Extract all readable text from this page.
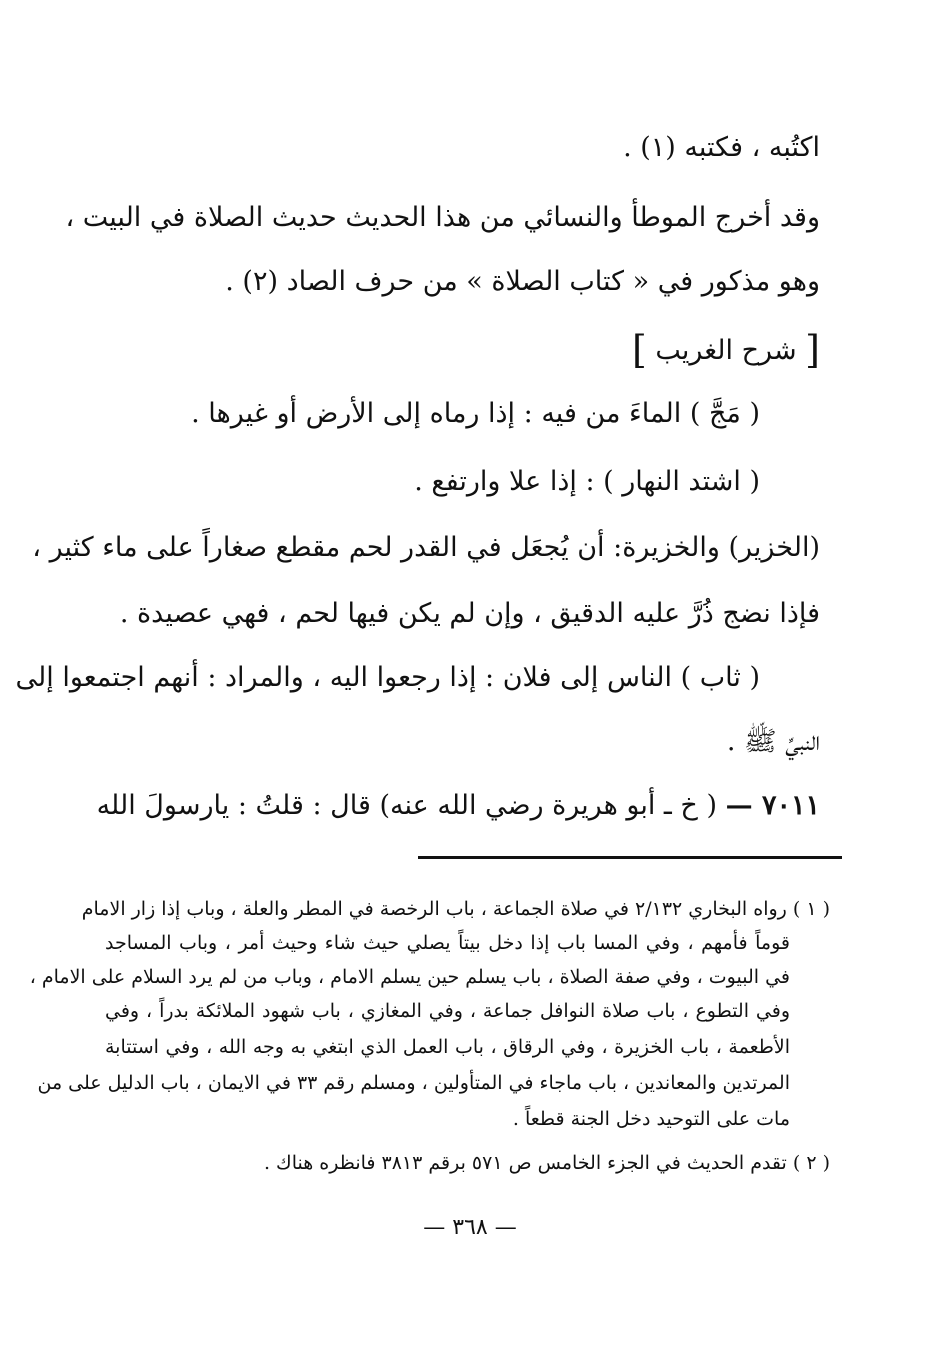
اكتُبه ، فكتبه (١) .
وقد أخرج الموطأ والنسائي من هذا الحديث حديث الصلاة في البيت ،
وهو مذكور في « كتاب الصلاة » من حرف الصاد (٢) .
[ شرح الغريب ]
( مَجَّ ) الماءَ من فيه : إذا رماه إلى الأرض أو غيرها .
( اشتد النهار ) : إذا علا وارتفع .
(الخزير) والخزيرة: أن يُجعَل في القدر لحم مقطع صغاراً على ماء كثير ،
فإذا نضج ذُرَّ عليه الدقيق ، وإن لم يكن فيها لحم ، فهي عصيدة .
( ثاب ) الناس إلى فلان : إذا رجعوا اليه ، والمراد : أنهم اجتمعوا إلى
النبيِّ ﷺ .
٧٠١١ — ( خ ـ أبو هريرة رضي الله عنه) قال : قلتُ : يارسولَ الله
( ١ ) رواه البخاري ٢/١٣٢ في صلاة الجماعة ، باب الرخصة في المطر والعلة ، وباب إذا زار الامام
قوماً فأمهم ، وفي المسا باب إذا دخل بيتاً يصلي حيث شاء وحيث أمر ، وباب المساجد
في البيوت ، وفي صفة الصلاة ، باب يسلم حين يسلم الامام ، وباب من لم يرد السلام على الامام ،
وفي التطوع ، باب صلاة النوافل جماعة ، وفي المغازي ، باب شهود الملائكة بدراً ، وفي
الأطعمة ، باب الخزيرة ، وفي الرقاق ، باب العمل الذي ابتغي به وجه الله ، وفي استتابة
المرتدين والمعاندين ، باب ماجاء في المتأولين ، ومسلم رقم ٣٣ في الايمان ، باب الدليل على من
مات على التوحيد دخل الجنة قطعاً .
( ٢ ) تقدم الحديث في الجزء الخامس ص ٥٧١ برقم ٣٨١٣ فانظره هناك .
— ٣٦٨ —
